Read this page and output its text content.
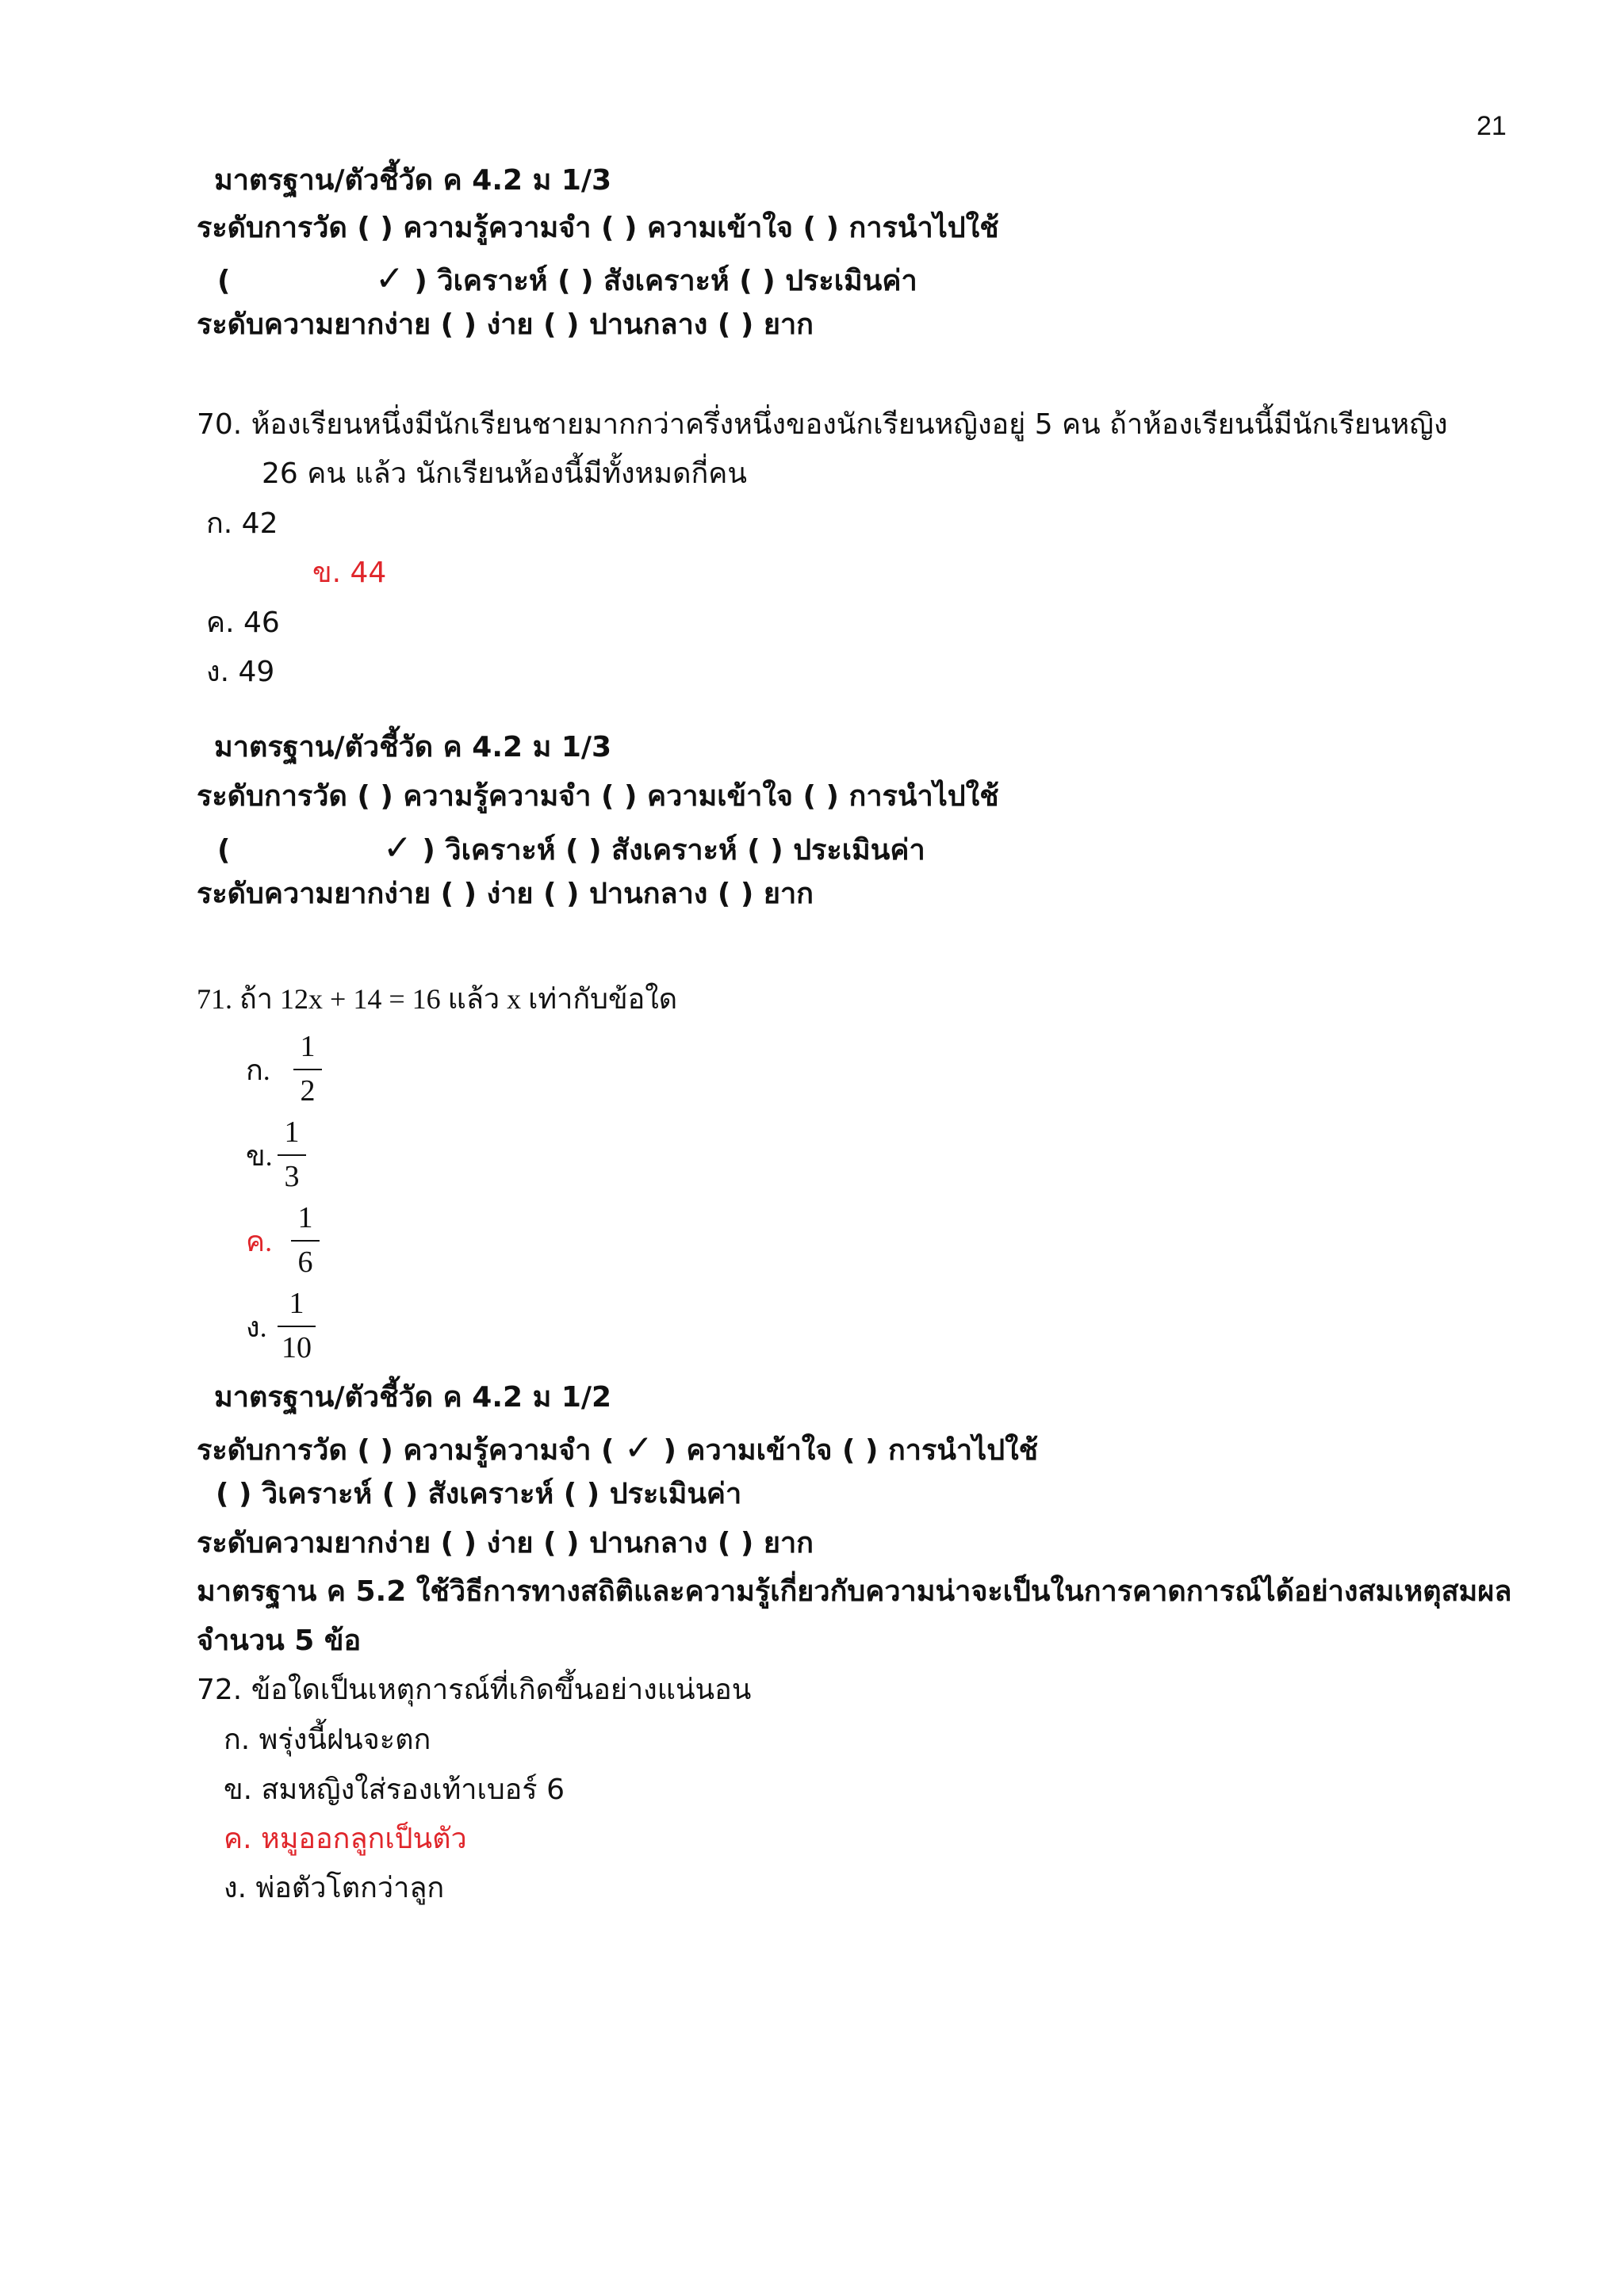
21
มาตรฐาน/ตัวชี้วัด ค 4.2 ม 1/3
ระดับการวัด ( ) ความรู้ความจำ ( ) ความเข้าใจ ( ) การนำไปใช้
(	✓ ) วิเคราะห์ ( ) สังเคราะห์ ( ) ประเมินค่า
ระดับความยากง่าย ( ) ง่าย ( ) ปานกลาง ( ) ยาก
70. ห้องเรียนหนึ่งมีนักเรียนชายมากกว่าครึ่งหนึ่งของนักเรียนหญิงอยู่ 5 คน ถ้าห้องเรียนนี้มีนักเรียนหญิง
26 คน แล้ว นักเรียนห้องนี้มีทั้งหมดกี่คน
ก. 42
ข. 44
ค. 46
ง. 49
มาตรฐาน/ตัวชี้วัด ค 4.2 ม 1/3
ระดับการวัด ( ) ความรู้ความจำ ( ) ความเข้าใจ ( ) การนำไปใช้
(	✓ ) วิเคราะห์ ( ) สังเคราะห์ ( ) ประเมินค่า
ระดับความยากง่าย ( ) ง่าย ( ) ปานกลาง ( ) ยาก
71. ถ้า 12x + 14 = 16 แล้ว x เท่ากับข้อใด
ก.
1
2
ข.
1
3
ค.
1
6
ง.
1
10
มาตรฐาน/ตัวชี้วัด ค 4.2 ม 1/2
ระดับการวัด ( ) ความรู้ความจำ ( ✓ ) ความเข้าใจ ( ) การนำไปใช้
( ) วิเคราะห์ ( ) สังเคราะห์ ( ) ประเมินค่า
ระดับความยากง่าย ( ) ง่าย ( ) ปานกลาง ( ) ยาก
มาตรฐาน ค 5.2 ใช้วิธีการทางสถิติและความรู้เกี่ยวกับความน่าจะเป็นในการคาดการณ์ได้อย่างสมเหตุสมผล
จำนวน 5 ข้อ
72. ข้อใดเป็นเหตุการณ์ที่เกิดขึ้นอย่างแน่นอน
ก. พรุ่งนี้ฝนจะตก
ข. สมหญิงใส่รองเท้าเบอร์ 6
ค. หมูออกลูกเป็นตัว
ง. พ่อตัวโตกว่าลูก
